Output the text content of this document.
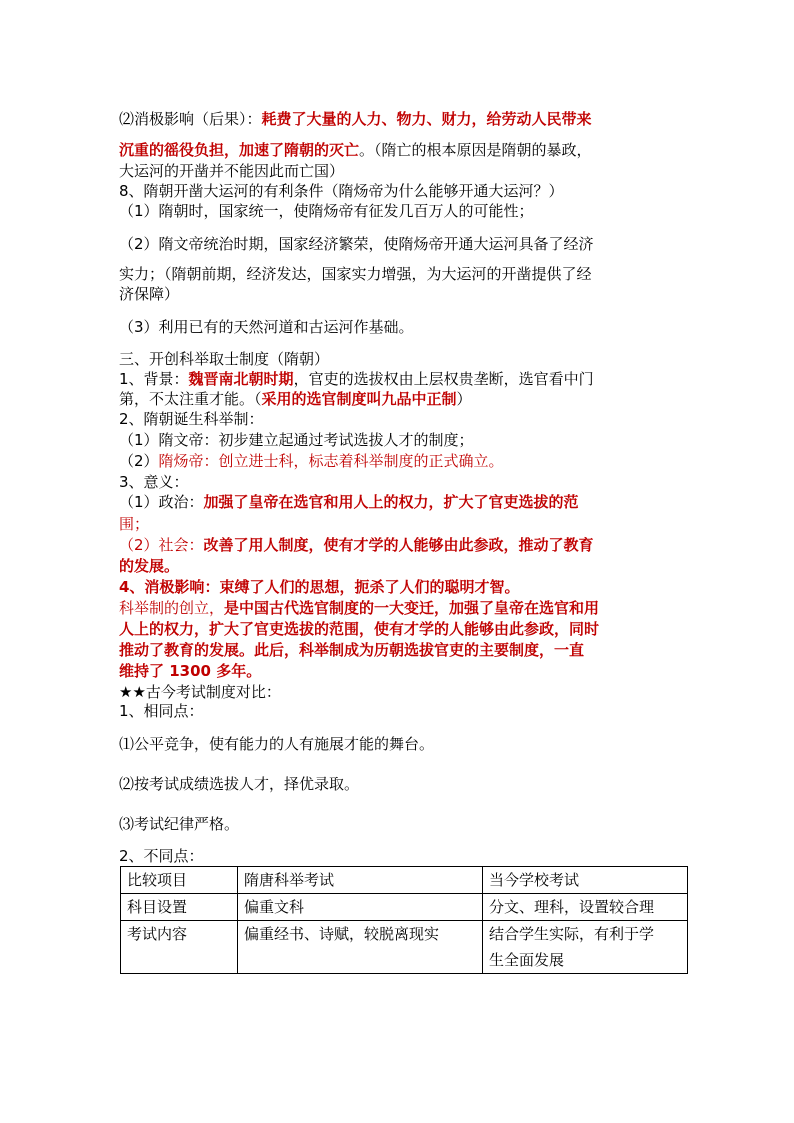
⑵消极影响（后果）：耗费了大量的人力、物力、财力，给劳动人民带来
沉重的徭役负担，加速了隋朝的灭亡。（隋亡的根本原因是隋朝的暴政，
大运河的开凿并不能因此而亡国）
8、隋朝开凿大运河的有利条件（隋炀帝为什么能够开通大运河？）
（1）隋朝时，国家统一，使隋炀帝有征发几百万人的可能性；
（2）隋文帝统治时期，国家经济繁荣，使隋炀帝开通大运河具备了经济
实力；（隋朝前期，经济发达，国家实力增强，为大运河的开凿提供了经
济保障）
（3）利用已有的天然河道和古运河作基础。
三、开创科举取士制度（隋朝）
1、背景：魏晋南北朝时期，官吏的选拔权由上层权贵垄断，选官看中门
第，不太注重才能。（采用的选官制度叫九品中正制）
2、隋朝诞生科举制：
（1）隋文帝：初步建立起通过考试选拔人才的制度；
（2）隋炀帝：创立进士科，标志着科举制度的正式确立。
3、意义：
（1）政治：加强了皇帝在选官和用人上的权力，扩大了官吏选拔的范
围；
（2）社会：改善了用人制度，使有才学的人能够由此参政，推动了教育
的发展。
4、消极影响：束缚了人们的思想，扼杀了人们的聪明才智。
科举制的创立，是中国古代选官制度的一大变迁，加强了皇帝在选官和用
人上的权力，扩大了官吏选拔的范围，使有才学的人能够由此参政，同时
推动了教育的发展。此后，科举制成为历朝选拔官吏的主要制度，一直
维持了 1300 多年。
★★古今考试制度对比：
1、相同点：
⑴公平竞争，使有能力的人有施展才能的舞台。
⑵按考试成绩选拔人才，择优录取。
⑶考试纪律严格。
2、不同点：
比较项目	隋唐科举考试	当今学校考试
科目设置	偏重文科	分文、理科，设置较合理
考试内容	偏重经书、诗赋，较脱离现实	结合学生实际，有利于学
生全面发展
